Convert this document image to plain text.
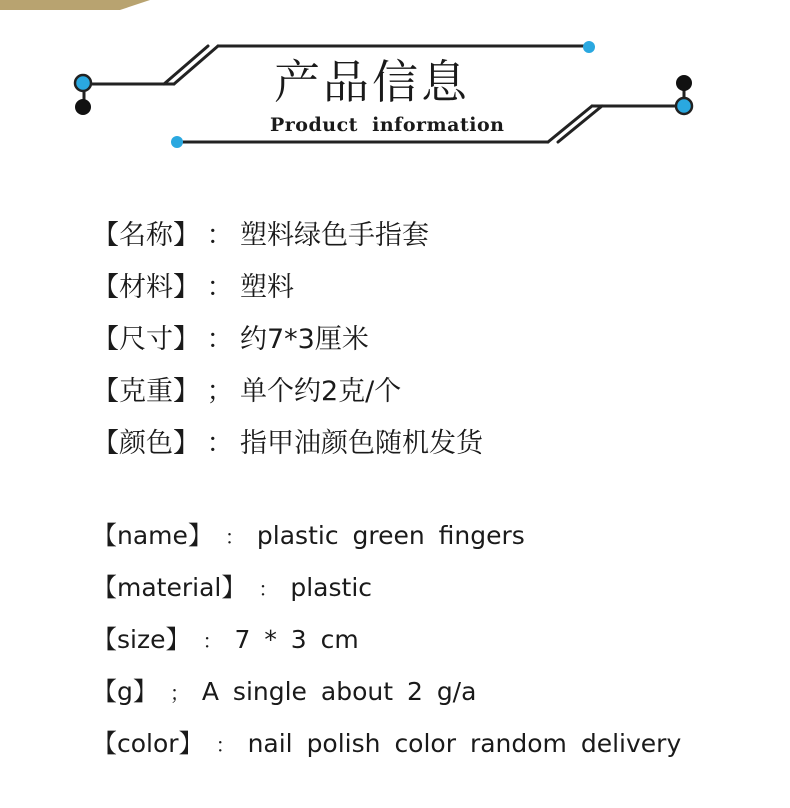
产品信息
Product  information
【名称】 ： 塑料绿色手指套
【材料】 ： 塑料
【尺寸】 ： 约7*3厘米
【克重】 ； 单个约2克/个
【颜色】 ： 指甲油颜色随机发货
【name】 ： plastic green fingers
【material】 ： plastic
【size】 ： 7 * 3 cm
【g】 ； A single about 2 g/a
【color】 ： nail polish color random delivery
